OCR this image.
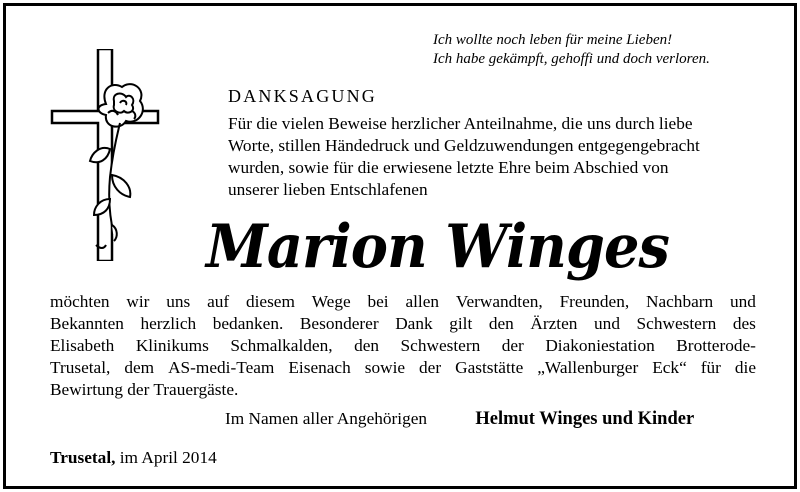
Ich wollte noch leben für meine Lieben!
Ich habe gekämpft, gehoffi und doch verloren.
DANKSAGUNG
Für die vielen Beweise herzlicher Anteilnahme, die uns durch liebe
Worte, stillen Händedruck und Geldzuwendungen entgegengebracht
wurden, sowie für die erwiesene letzte Ehre beim Abschied von
unserer lieben Entschlafenen
Marion Winges
möchten wir uns auf diesem Wege bei allen Verwandten, Freunden, Nachbarn und
Bekannten herzlich bedanken. Besonderer Dank gilt den Ärzten und Schwestern des
Elisabeth Klinikums Schmalkalden, den Schwestern der Diakoniestation Brotterode-
Trusetal, dem AS-medi-Team Eisenach sowie der Gaststätte „Wallenburger Eck“ für die
Bewirtung der Trauergäste.
Im Namen aller Angehörigen	Helmut Winges und Kinder
Trusetal, im April 2014
